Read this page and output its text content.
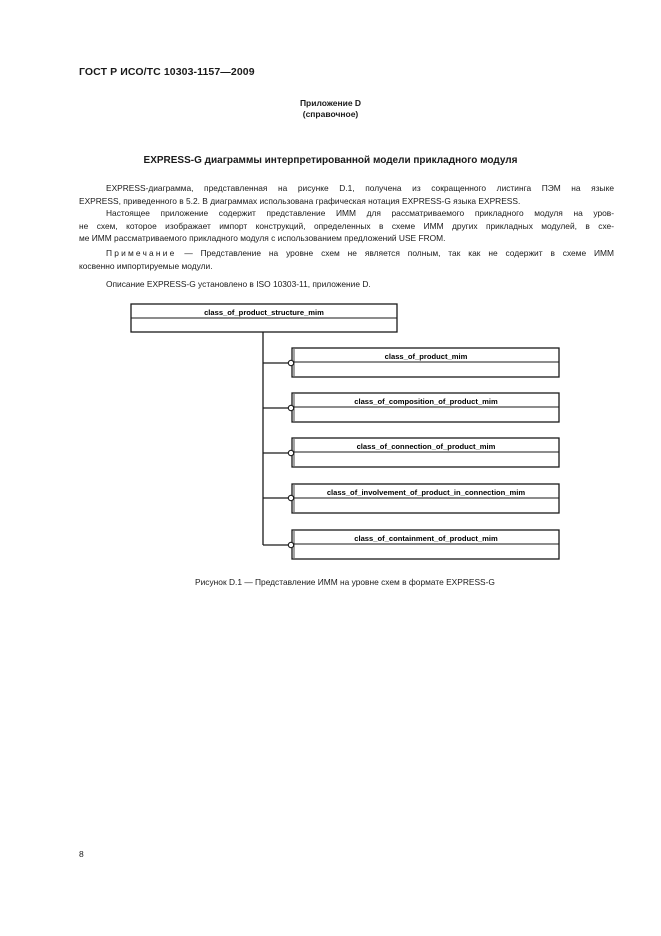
ГОСТ Р ИСО/ТС 10303-1157—2009
Приложение D
(справочное)
EXPRESS-G диаграммы интерпретированной модели прикладного модуля
EXPRESS-диаграмма, представленная на рисунке D.1, получена из сокращенного листинга ПЭМ на языке
EXPRESS, приведенного в 5.2. В диаграммах использована графическая нотация EXPRESS-G языка EXPRESS.
Настоящее приложение содержит представление ИММ для рассматриваемого прикладного модуля на уров-
не схем, которое изображает импорт конструкций, определенных в схеме ИММ других прикладных модулей, в схе-
ме ИММ рассматриваемого прикладного модуля с использованием предложений USE FROM.
Примечание — Представление на уровне схем не является полным, так как не содержит в схеме ИММ
косвенно импортируемые модули.
Описание EXPRESS-G установлено в ISO 10303-11, приложение D.
class_of_product_structure_mim
class_of_product_mim
class_of_composition_of_product_mim
class_of_connection_of_product_mim
class_of_involvement_of_product_in_connection_mim
class_of_containment_of_product_mim
Рисунок D.1 — Представление ИММ на уровне схем в формате EXPRESS-G
8
